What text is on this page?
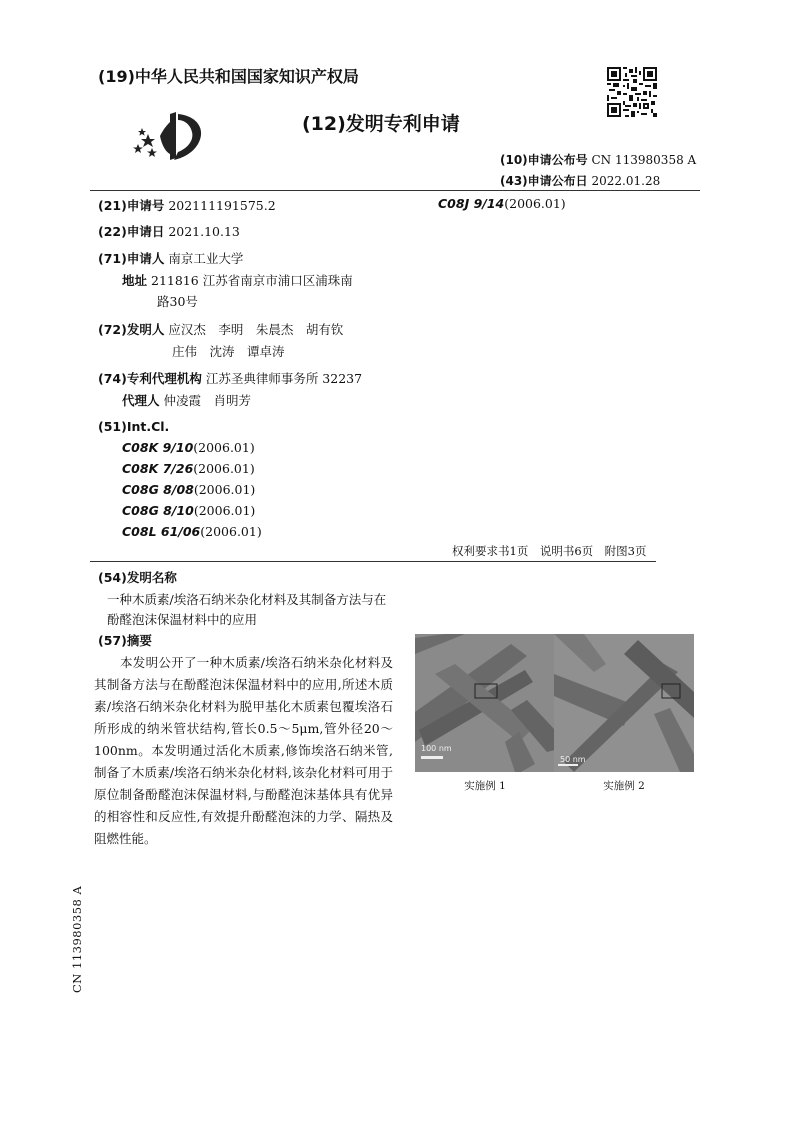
(19)中华人民共和国国家知识产权局
(12)发明专利申请
(10)申请公布号 CN 113980358 A
(43)申请公布日 2022.01.28
(21)申请号 202111191575.2	C08J 9/14(2006.01)
(22)申请日 2021.10.13
(71)申请人 南京工业大学
地址 211816 江苏省南京市浦口区浦珠南
路30号
(72)发明人 应汉杰　李明　朱晨杰　胡有钦
庄伟　沈涛　谭卓涛
(74)专利代理机构 江苏圣典律师事务所 32237
代理人 仲凌霞　肖明芳
(51)Int.Cl.
C08K 9/10(2006.01)
C08K 7/26(2006.01)
C08G 8/08(2006.01)
C08G 8/10(2006.01)
C08L 61/06(2006.01)
权利要求书1页　说明书6页　附图3页
(54)发明名称
一种木质素/埃洛石纳米杂化材料及其制备方法与在酚醛泡沫保温材料中的应用
(57)摘要
本发明公开了一种木质素/埃洛石纳米杂化材料及其制备方法与在酚醛泡沫保温材料中的应用,所述木质素/埃洛石纳米杂化材料为脱甲基化木质素包覆埃洛石所形成的纳米管状结构,管长0.5～5μm,管外径20～100nm。本发明通过活化木质素,修饰埃洛石纳米管,制备了木质素/埃洛石纳米杂化材料,该杂化材料可用于原位制备酚醛泡沫保温材料,与酚醛泡沫基体具有优异的相容性和反应性,有效提升酚醛泡沫的力学、隔热及阻燃性能。
100 nm
50 nm
实施例 1	实施例 2
CN 113980358 A
